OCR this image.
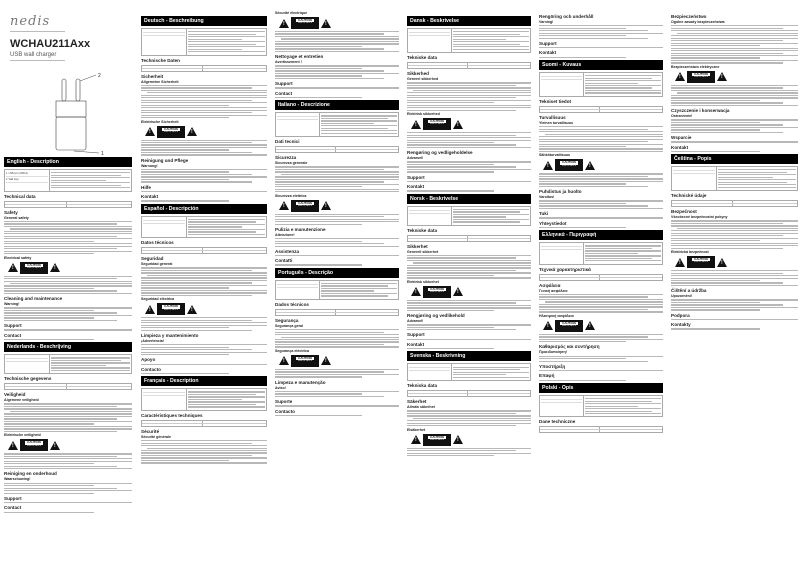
nedis
WCHAU211Axx
USB wall charger
2
1
English - Description
1. USB port (USB-A)
2. Wall plug
Technical data
Safety
General safety
Electrical safety
!
CAUTION
RISK OF SHOCK
!
Cleaning and maintenance
Warning!
Support
Contact
Nederlands - Beschrijving
Technische gegevens
Veiligheid
Algemene veiligheid
Elektrische veiligheid
!
CAUTION
RISK OF SHOCK
!
Reiniging en onderhoud
Waarschuwing!
Support
Contact
Deutsch - Beschreibung
Technische Daten
Sicherheit
Allgemeine Sicherheit
Elektrische Sicherheit
!
CAUTION
RISK OF SHOCK
!
Reinigung und Pflege
Warnung!
Hilfe
Kontakt
Español - Descripción
Datos técnicos
Seguridad
Seguridad general
Seguridad eléctrica
!
CAUTION
RISK OF SHOCK
!
Limpieza y mantenimiento
¡Advertencia!
Apoyo
Contacto
Français - Description
Caractéristiques techniques
Sécurité
Sécurité générale
Sécurité électrique
!
CAUTION
RISK OF SHOCK
!
Nettoyage et entretien
Avertissement !
Support
Contact
Italiano - Descrizione
Dati tecnici
Sicurezza
Sicurezza generale
Sicurezza elettrica
!
CAUTION
RISK OF SHOCK
!
Pulizia e manutenzione
Attenzione!
Assistenza
Contatti
Português - Descrição
Dados técnicos
Segurança
Segurança geral
Segurança eléctrica
!
CAUTION
RISK OF SHOCK
!
Limpeza e manutenção
Aviso!
Suporte
Contacto
Dansk - Beskrivelse
Tekniske data
Sikkerhed
Generel sikkerhed
Elektrisk sikkerhed
!
CAUTION
RISK OF SHOCK
!
Rengøring og vedligeholdelse
Advarsel!
Support
Kontakt
Norsk - Beskrivelse
Tekniske data
Sikkerhet
Generell sikkerhet
Elektrisk sikkerhet
!
CAUTION
RISK OF SHOCK
!
Rengjøring og vedlikehold
Advarsel!
Support
Kontakt
Svenska - Beskrivning
Tekniska data
Säkerhet
Allmän säkerhet
Elsäkerhet
!
CAUTION
RISK OF SHOCK
!
Rengöring och underhåll
Varning!
Support
Kontakt
Suomi - Kuvaus
Tekniset tiedot
Turvallisuus
Yleinen turvallisuus
Sähköturvallisuus
!
CAUTION
RISK OF SHOCK
!
Puhdistus ja huolto
Varoitus!
Tuki
Yhteystiedot
Ελληνικά - Περιγραφή
Τεχνικά χαρακτηριστικά
Ασφάλεια
Γενική ασφάλεια
Ηλεκτρική ασφάλεια
!
CAUTION
RISK OF SHOCK
!
Καθαρισμός και συντήρηση
Προειδοποίηση!
Υποστήριξη
Επαφή
Polski - Opis
Dane techniczne
Bezpieczeństwo
Ogólne zasady bezpieczeństwa
Bezpieczeństwo elektryczne
!
CAUTION
RISK OF SHOCK
!
Czyszczenie i konserwacja
Ostrzeżenie!
Wsparcie
Kontakt
Čeština - Popis
Technické údaje
Bezpečnost
Všeobecné bezpečnostní pokyny
Elektrická bezpečnost
!
CAUTION
RISK OF SHOCK
!
Čištění a údržba
Upozornění!
Podpora
Kontakty
